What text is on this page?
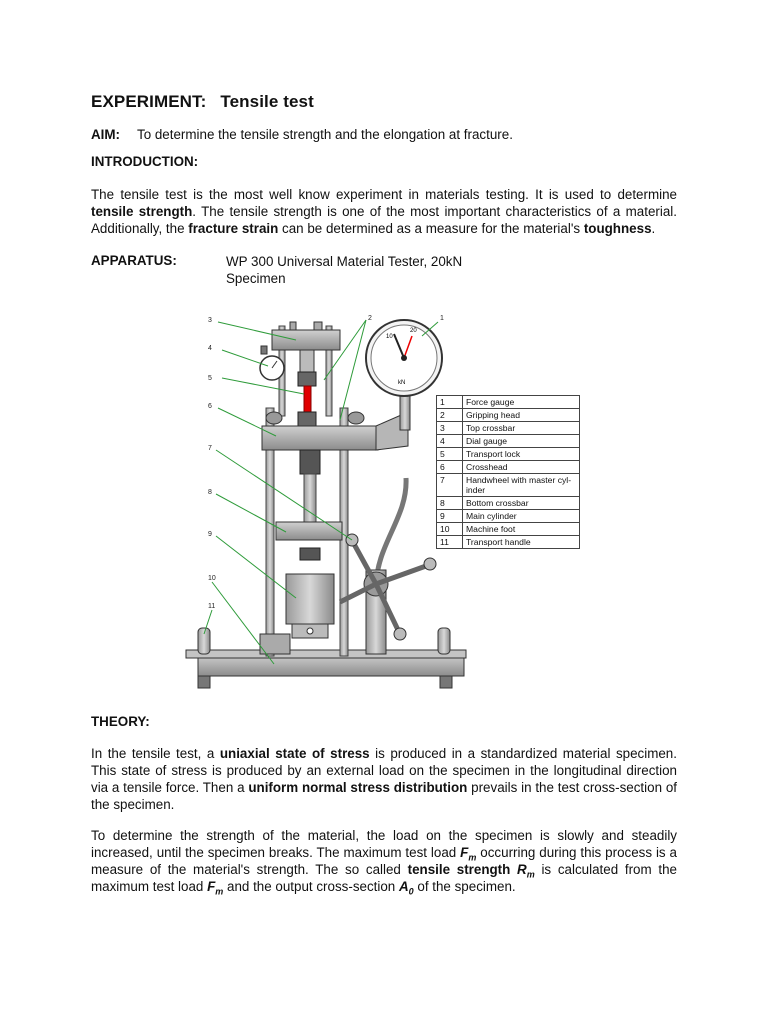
EXPERIMENT: Tensile test
AIM: To determine the tensile strength and the elongation at fracture.
INTRODUCTION:
The tensile test is the most well know experiment in materials testing. It is used to determine tensile strength. The tensile strength is one of the most important characteristics of a material. Additionally, the fracture strain can be determined as a measure for the material's toughness.
APPARATUS:	WP 300 Universal Material Tester, 20kN
Specimen
kN
10
20
3
4
5
6
7
8
9
10
11
2	1
1	Force gauge
2	Gripping head
3	Top crossbar
4	Dial gauge
5	Transport lock
6	Crosshead
7	Handwheel with master cyl-inder
8	Bottom crossbar
9	Main cylinder
10	Machine foot
11	Transport handle
THEORY:
In the tensile test, a uniaxial state of stress is produced in a standardized material specimen. This state of stress is produced by an external load on the specimen in the longitudinal direction via a tensile force. Then a uniform normal stress distribution prevails in the test cross-section of the specimen.
To determine the strength of the material, the load on the specimen is slowly and steadily increased, until the specimen breaks. The maximum test load $F_m$ occurring during this process is a measure of the material's strength. The so called tensile strength $R_m$ is calculated from the maximum test load $F_m$ and the output cross-section $A_0$ of the specimen.
